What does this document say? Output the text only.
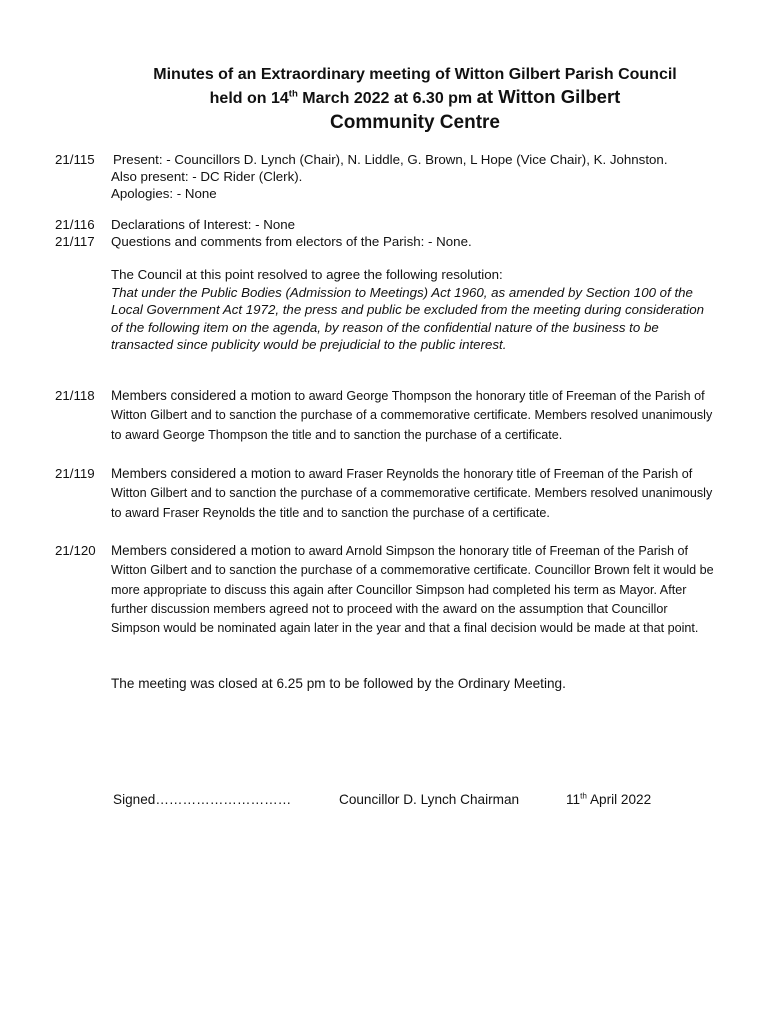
Minutes of an Extraordinary meeting of Witton Gilbert Parish Council
held on 14th March 2022 at 6.30 pm at Witton Gilbert
Community Centre
21/115	Present: - Councillors D. Lynch (Chair), N. Liddle, G. Brown, L Hope (Vice Chair), K. Johnston.
Also present: - DC Rider (Clerk).
Apologies: - None
21/116	Declarations of Interest: - None
21/117	Questions and comments from electors of the Parish: - None.
The Council at this point resolved to agree the following resolution:
That under the Public Bodies (Admission to Meetings) Act 1960, as amended by Section 100 of the Local Government Act 1972, the press and public be excluded from the meeting during consideration of the following item on the agenda, by reason of the confidential nature of the business to be transacted since publicity would be prejudicial to the public interest.
21/118	Members considered a motion to award George Thompson the honorary title of Freeman of the Parish of Witton Gilbert and to sanction the purchase of a commemorative certificate. Members resolved unanimously to award George Thompson the title and to sanction the purchase of a certificate.
21/119	Members considered a motion to award Fraser Reynolds the honorary title of Freeman of the Parish of Witton Gilbert and to sanction the purchase of a commemorative certificate. Members resolved unanimously to award Fraser Reynolds the title and to sanction the purchase of a certificate.
21/120	Members considered a motion to award Arnold Simpson the honorary title of Freeman of the Parish of Witton Gilbert and to sanction the purchase of a commemorative certificate. Councillor Brown felt it would be more appropriate to discuss this again after Councillor Simpson had completed his term as Mayor. After further discussion members agreed not to proceed with the award on the assumption that Councillor Simpson would be nominated again later in the year and that a final decision would be made at that point.
The meeting was closed at 6.25 pm to be followed by the Ordinary Meeting.
Signed…………………………	Councillor D. Lynch Chairman	11th April 2022
